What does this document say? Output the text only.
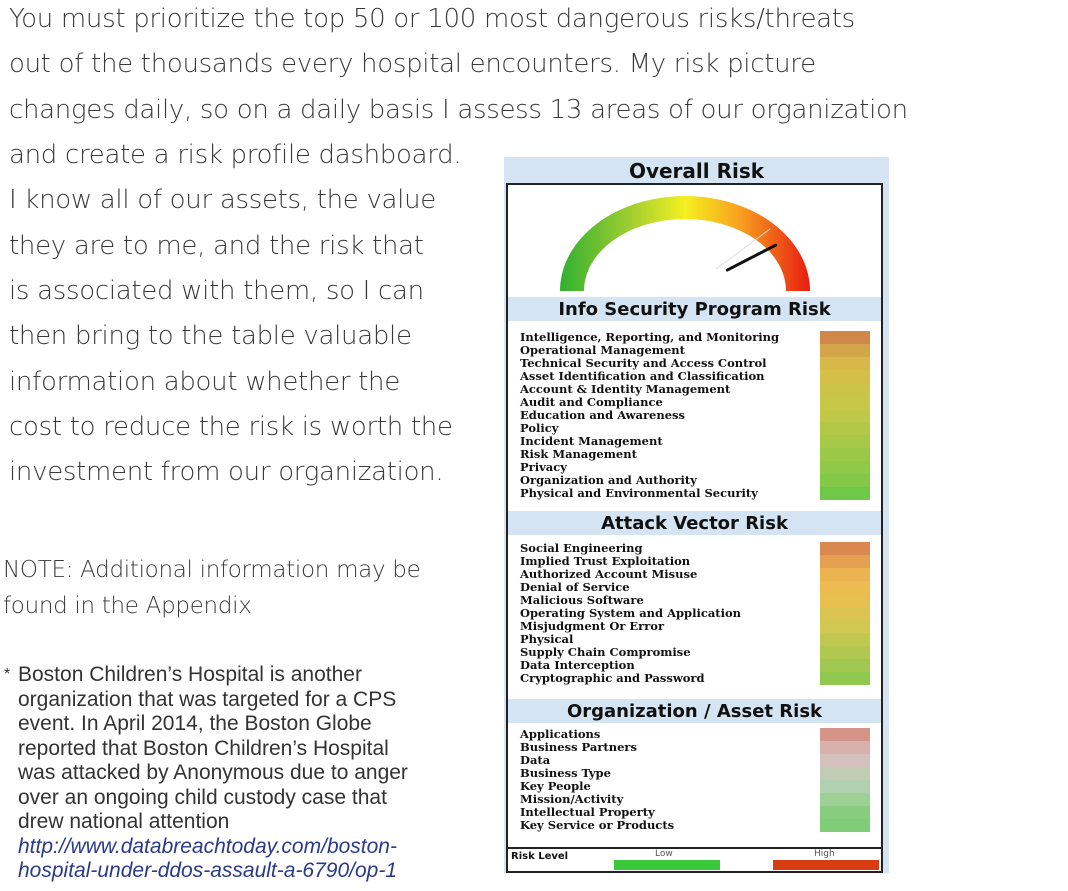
You must prioritize the top 50 or 100 most dangerous risks/threats
out of the thousands every hospital encounters. My risk picture
changes daily, so on a daily basis I assess 13 areas of our organization
and create a risk profile dashboard.
I know all of our assets, the value
they are to me, and the risk that
is associated with them, so I can
then bring to the table valuable
information about whether the
cost to reduce the risk is worth the
investment from our organization.
NOTE: Additional information may be
found in the Appendix
* Boston Children’s Hospital is another
organization that was targeted for a CPS
event. In April 2014, the Boston Globe
reported that Boston Children’s Hospital
was attacked by Anonymous due to anger
over an ongoing child custody case that
drew national attention
http://www.databreachtoday.com/boston-
hospital-under-ddos-assault-a-6790/op-1
Overall Risk
Info Security Program Risk
Intelligence, Reporting, and Monitoring
Operational Management
Technical Security and Access Control
Asset Identification and Classification
Account & Identity Management
Audit and Compliance
Education and Awareness
Policy
Incident Management
Risk Management
Privacy
Organization and Authority
Physical and Environmental Security
Attack Vector Risk
Social Engineering
Implied Trust Exploitation
Authorized Account Misuse
Denial of Service
Malicious Software
Operating System and Application
Misjudgment Or Error
Physical
Supply Chain Compromise
Data Interception
Cryptographic and Password
Organization / Asset Risk
Applications
Business Partners
Data
Business Type
Key People
Mission/Activity
Intellectual Property
Key Service or Products
Risk Level	Low	High
